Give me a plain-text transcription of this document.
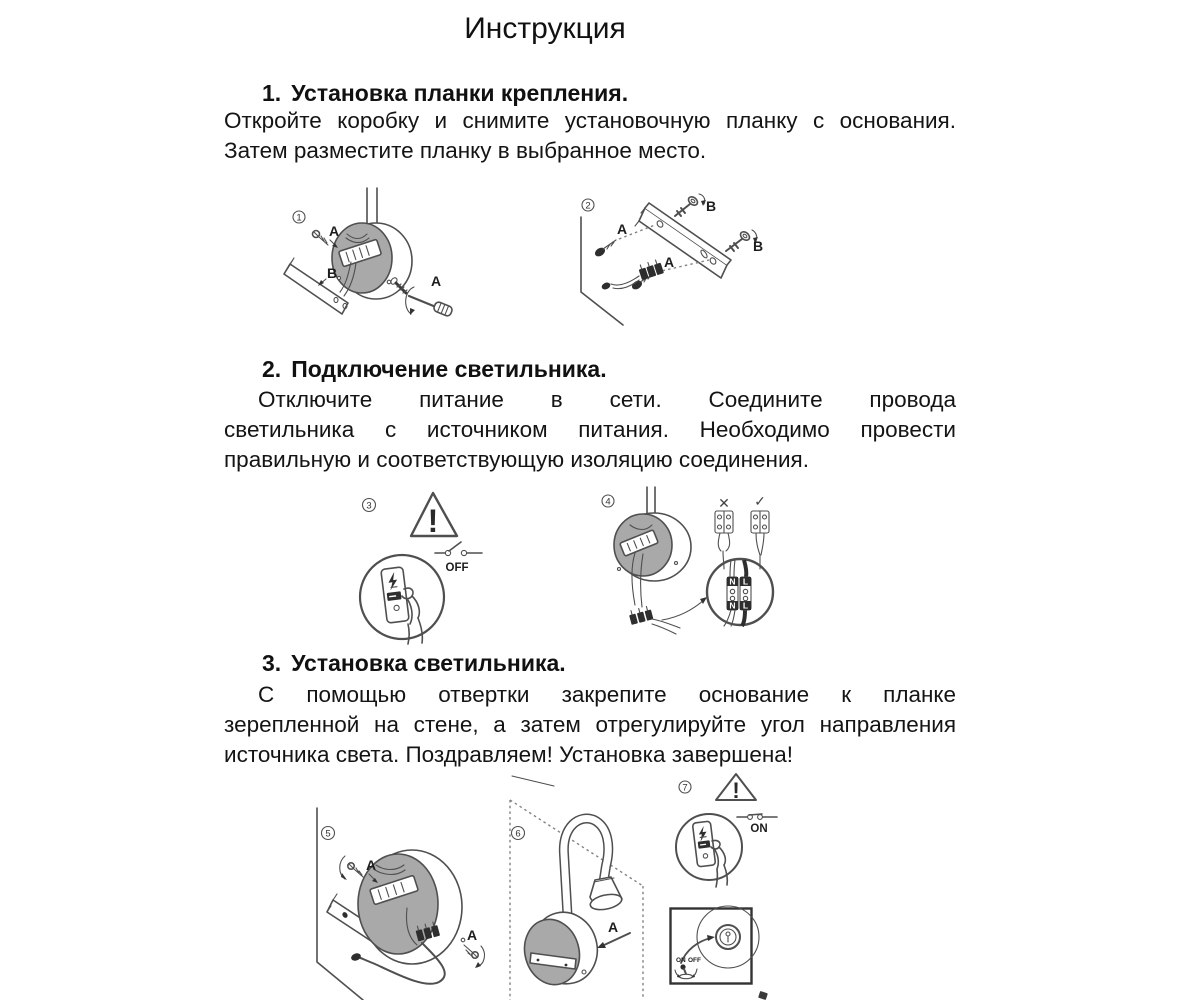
Инструкция
1. Установка планки крепления.
Откройте коробку и снимите установочную планку с основания.
Затем разместите планку в выбранное место.
1
B
A
A
2	B
B
A
A
2. Подключение светильника.
Отключите питание в сети. Соедините провода
светильника с источником питания. Необходимо провести
правильную и соответствующую изоляцию соединения.
3 !
OFF
4	✕ ✓
N L
N L
3. Установка светильника.
С помощью отвертки закрепите основание к планке
зерепленной на стене, а затем отрегулируйте угол направления
источника света. Поздравляем! Установка завершена!
5
A
A
6
A
7 !
ON
ON OFF
